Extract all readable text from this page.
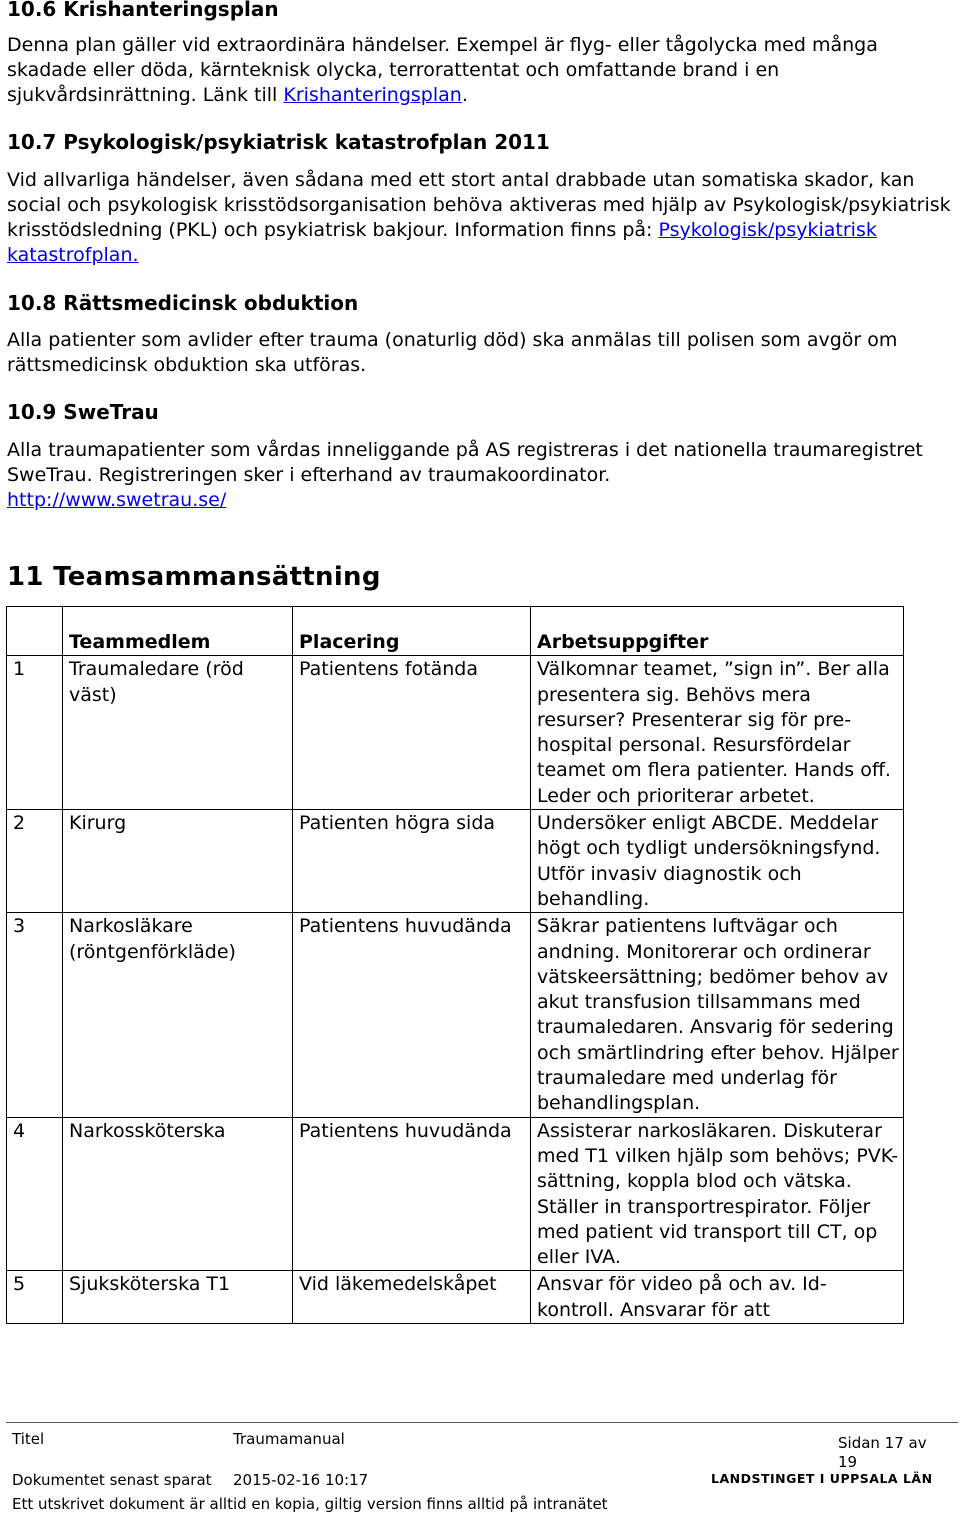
10.6 Krishanteringsplan

Denna plan gäller vid extraordinära händelser. Exempel är flyg- eller tågolycka med många skadade eller döda, kärnteknisk olycka, terrorattentat och omfattande brand i en sjukvårdsinrättning. Länk till Krishanteringsplan.

10.7 Psykologisk/psykiatrisk katastrofplan 2011

Vid allvarliga händelser, även sådana med ett stort antal drabbade utan somatiska skador, kan social och psykologisk krisstödsorganisation behöva aktiveras med hjälp av Psykologisk/psykiatrisk krisstödsledning (PKL) och psykiatrisk bakjour. Information finns på: Psykologisk/psykiatrisk katastrofplan.

10.8 Rättsmedicinsk obduktion

Alla patienter som avlider efter trauma (onaturlig död) ska anmälas till polisen som avgör om rättsmedicinsk obduktion ska utföras.

10.9 SweTrau

Alla traumapatienter som vårdas inneliggande på AS registreras i det nationella traumaregistret SweTrau. Registreringen sker i efterhand av traumakoordinator.
http://www.swetrau.se/

11 Teamsammansättning
	Teammedlem	Placering	Arbetsuppgifter
1	Traumaledare (röd väst)	Patientens fotända	Välkomnar teamet, ”sign in”. Ber alla presentera sig. Behövs mera resurser? Presenterar sig för pre-hospital personal. Resursfördelar teamet om flera patienter. Hands off. Leder och prioriterar arbetet.
2	Kirurg	Patienten högra sida	Undersöker enligt ABCDE. Meddelar högt och tydligt undersökningsfynd. Utför invasiv diagnostik och behandling.
3	Narkosläkare (röntgenförkläde)	Patientens huvudända	Säkrar patientens luftvägar och andning. Monitorerar och ordinerar vätskeersättning; bedömer behov av akut transfusion tillsammans med traumaledaren. Ansvarig för sedering och smärtlindring efter behov. Hjälper traumaledare med underlag för behandlingsplan.
4	Narkossköterska	Patientens huvudända	Assisterar narkosläkaren. Diskuterar med T1 vilken hjälp som behövs; PVK-sättning, koppla blod och vätska. Ställer in transportrespirator. Följer med patient vid transport till CT, op eller IVA.
5	Sjuksköterska T1	Vid läkemedelskåpet	Ansvar för video på och av. Id-kontroll. Ansvarar för att
Titel	Traumamanual	Sidan 17 av 19
Dokumentet senast sparat 2015-02-16 10:17	LANDSTINGET I UPPSALA LÄN
Ett utskrivet dokument är alltid en kopia, giltig version finns alltid på intranätet
